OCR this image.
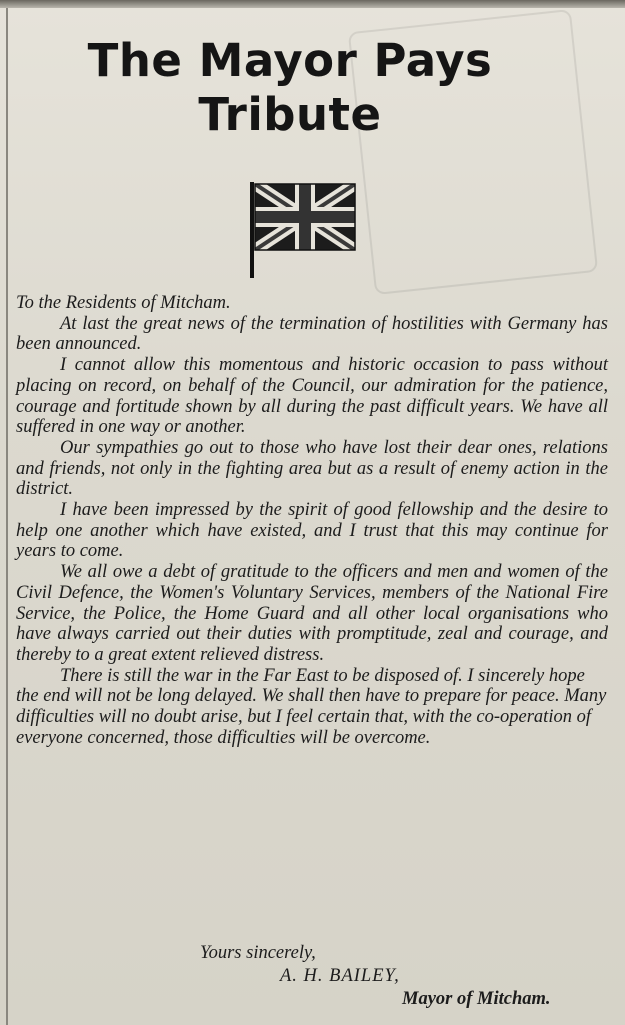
The Mayor Pays
Tribute

To the Residents of Mitcham.

At last the great news of the termination of hostilities with Germany has been announced.

I cannot allow this momentous and historic occasion to pass without placing on record, on behalf of the Council, our admiration for the patience, courage and fortitude shown by all during the past difficult years. We have all suffered in one way or another.

Our sympathies go out to those who have lost their dear ones, relations and friends, not only in the fighting area but as a result of enemy action in the district.

I have been impressed by the spirit of good fellowship and the desire to help one another which have existed, and I trust that this may continue for years to come.

We all owe a debt of gratitude to the officers and men and women of the Civil Defence, the Women's Voluntary Services, members of the National Fire Service, the Police, the Home Guard and all other local organisations who have always carried out their duties with promptitude, zeal and courage, and thereby to a great extent relieved distress.

There is still the war in the Far East to be disposed of. I sincerely hope the end will not be long delayed. We shall then have to prepare for peace. Many difficulties will no doubt arise, but I feel certain that, with the co-operation of everyone concerned, those difficulties will be overcome.

Yours sincerely,
A. H. BAILEY,
Mayor of Mitcham.
